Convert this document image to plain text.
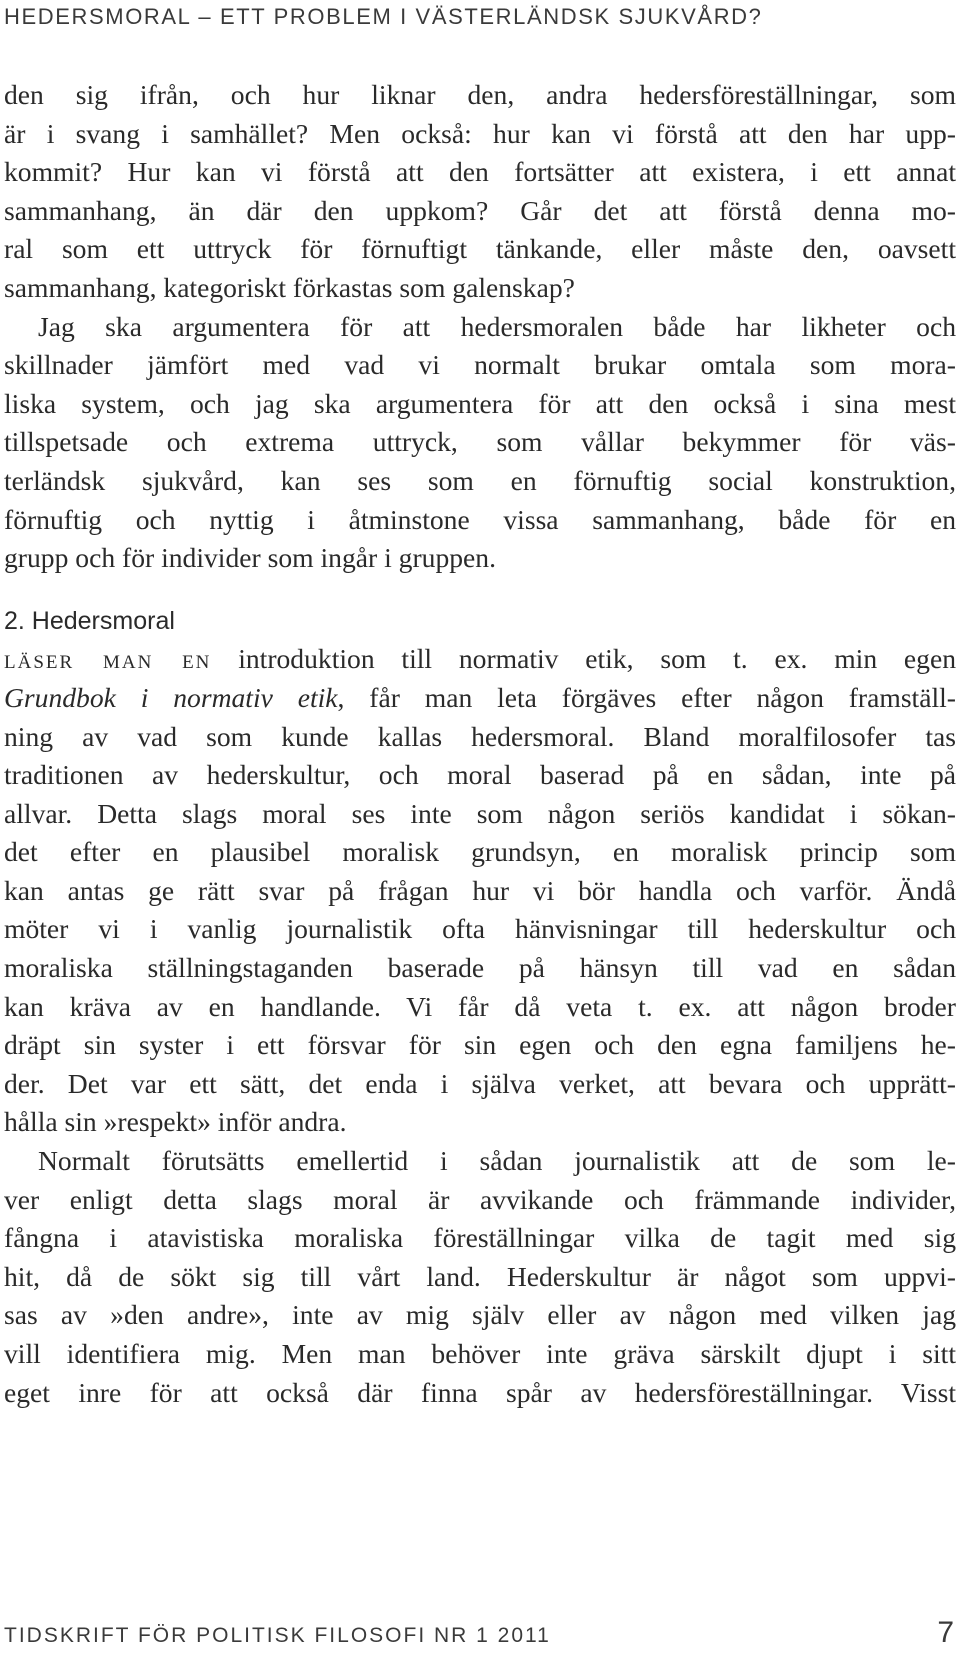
HEDERSMORAL – ETT PROBLEM I VÄSTERLÄNDSK SJUKVÅRD?
den sig ifrån, och hur liknar den, andra hedersföreställningar, som
är i svang i samhället? Men också: hur kan vi förstå att den har upp-
kommit? Hur kan vi förstå att den fortsätter att existera, i ett annat
sammanhang, än där den uppkom? Går det att förstå denna mo-
ral som ett uttryck för förnuftigt tänkande, eller måste den, oavsett
sammanhang, kategoriskt förkastas som galenskap?
Jag ska argumentera för att hedersmoralen både har likheter och
skillnader jämfört med vad vi normalt brukar omtala som mora-
liska system, och jag ska argumentera för att den också i sina mest
tillspetsade och extrema uttryck, som vållar bekymmer för väs-
terländsk sjukvård, kan ses som en förnuftig social konstruktion,
förnuftig och nyttig i åtminstone vissa sammanhang, både för en
grupp och för individer som ingår i gruppen.
2. Hedersmoral
läser man en introduktion till normativ etik, som t. ex. min egen
Grundbok i normativ etik, får man leta förgäves efter någon framställ-
ning av vad som kunde kallas hedersmoral. Bland moralfilosofer tas
traditionen av hederskultur, och moral baserad på en sådan, inte på
allvar. Detta slags moral ses inte som någon seriös kandidat i sökan-
det efter en plausibel moralisk grundsyn, en moralisk princip som
kan antas ge rätt svar på frågan hur vi bör handla och varför. Ändå
möter vi i vanlig journalistik ofta hänvisningar till hederskultur och
moraliska ställningstaganden baserade på hänsyn till vad en sådan
kan kräva av en handlande. Vi får då veta t. ex. att någon broder
dräpt sin syster i ett försvar för sin egen och den egna familjens he-
der. Det var ett sätt, det enda i själva verket, att bevara och upprätt-
hålla sin »respekt» inför andra.
Normalt förutsätts emellertid i sådan journalistik att de som le-
ver enligt detta slags moral är avvikande och främmande individer,
fångna i atavistiska moraliska föreställningar vilka de tagit med sig
hit, då de sökt sig till vårt land. Hederskultur är något som uppvi-
sas av »den andre», inte av mig själv eller av någon med vilken jag
vill identifiera mig. Men man behöver inte gräva särskilt djupt i sitt
eget inre för att också där finna spår av hedersföreställningar. Visst
TIDSKRIFT FÖR POLITISK FILOSOFI NR 1 2011	7
